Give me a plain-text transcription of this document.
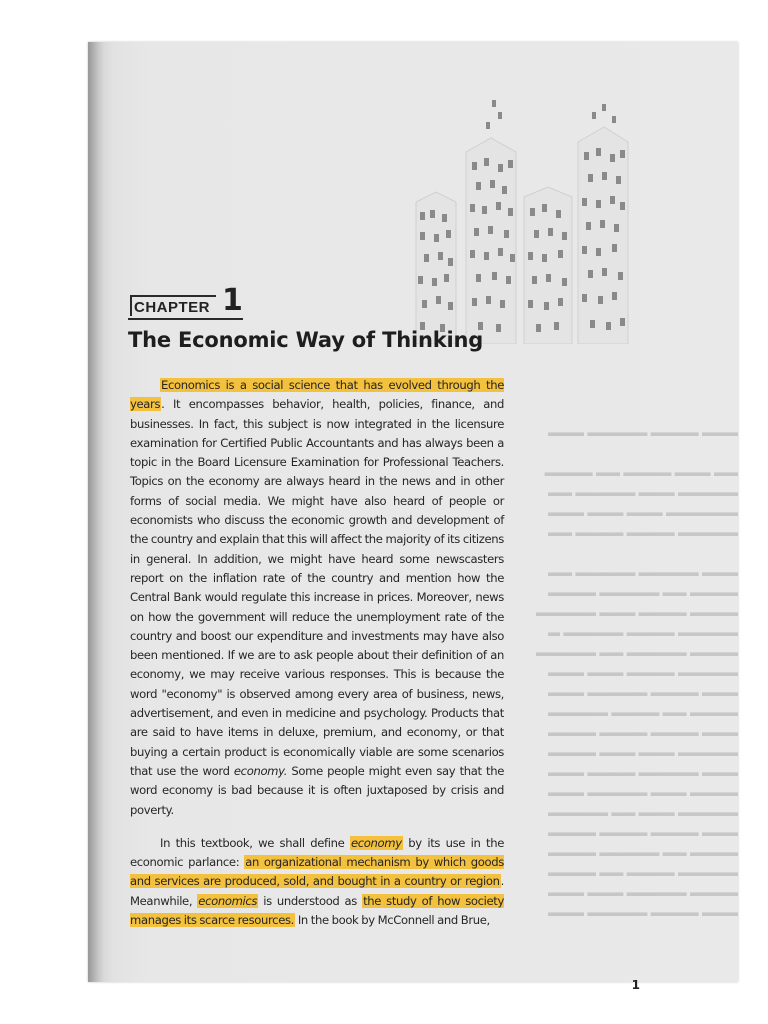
▬▬▬ ▬▬▬▬ ▬▬▬▬▬ ▬▬▬

▬▬ ▬▬▬ ▬▬▬▬ ▬▬ ▬▬▬▬
▬▬▬▬▬ ▬▬▬ ▬▬▬▬▬ ▬▬
▬▬▬▬▬▬ ▬▬▬ ▬▬▬ ▬▬▬
▬▬▬▬▬ ▬▬▬▬ ▬▬▬▬ ▬▬

▬▬▬ ▬▬▬▬▬ ▬▬▬▬▬ ▬▬
▬▬▬▬ ▬▬ ▬▬▬▬▬ ▬▬▬▬
▬▬▬▬ ▬▬▬▬ ▬▬▬ ▬▬▬▬▬
▬▬▬▬▬ ▬▬▬▬ ▬▬▬▬▬ ▬
▬▬▬▬ ▬▬▬▬▬ ▬▬ ▬▬▬▬▬
▬▬▬▬▬ ▬▬▬▬ ▬▬▬ ▬▬▬
▬▬▬ ▬▬▬▬ ▬▬▬▬▬ ▬▬▬
▬▬▬▬ ▬▬ ▬▬▬▬ ▬▬▬▬▬
▬▬▬ ▬▬▬▬ ▬▬▬▬ ▬▬▬▬
▬▬▬▬▬ ▬▬▬ ▬▬▬ ▬▬▬▬
▬▬▬ ▬▬▬▬▬ ▬▬▬▬ ▬▬▬
▬▬▬▬ ▬▬▬ ▬▬▬▬▬ ▬▬▬
▬▬▬▬▬ ▬▬▬ ▬▬ ▬▬▬▬▬
▬▬▬ ▬▬▬▬ ▬▬▬▬ ▬▬▬▬
▬▬▬▬ ▬▬ ▬▬▬▬▬ ▬▬▬▬
▬▬▬▬▬ ▬▬▬▬ ▬▬ ▬▬▬▬
▬▬▬▬ ▬▬▬▬▬ ▬▬▬ ▬▬▬
▬▬▬ ▬▬▬▬ ▬▬▬▬▬ ▬▬▬
CHAPTER 1
The Economic Way of Thinking

Economics is a social science that has evolved through the years. It encompasses behavior, health, policies, finance, and businesses. In fact, this subject is now integrated in the licensure examination for Certified Public Accountants and has always been a topic in the Board Licensure Examination for Professional Teachers. Topics on the economy are always heard in the news and in other forms of social media. We might have also heard of people or economists who discuss the economic growth and development of the country and explain that this will affect the majority of its citizens in general. In addition, we might have heard some newscasters report on the inflation rate of the country and mention how the Central Bank would regulate this increase in prices. Moreover, news on how the government will reduce the unemployment rate of the country and boost our expenditure and investments may have also been mentioned. If we are to ask people about their definition of an economy, we may receive various responses. This is because the word "economy" is observed among every area of business, news, advertisement, and even in medicine and psychology. Products that are said to have items in deluxe, premium, and economy, or that buying a certain product is economically viable are some scenarios that use the word economy. Some people might even say that the word economy is bad because it is often juxtaposed by crisis and poverty.

In this textbook, we shall define economy by its use in the economic parlance: an organizational mechanism by which goods and services are produced, sold, and bought in a country or region. Meanwhile, economics is understood as the study of how society manages its scarce resources. In the book by McConnell and Brue,

1
